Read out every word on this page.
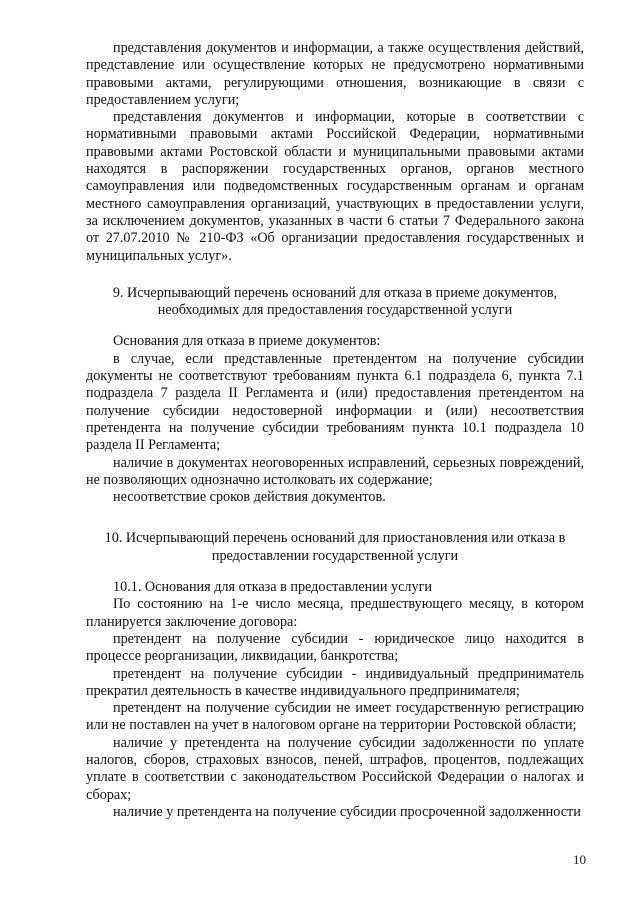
представления документов и информации, а также осуществления действий, представление или осуществление которых не предусмотрено нормативными правовыми актами, регулирующими отношения, возникающие в связи с предоставлением услуги;

представления документов и информации, которые в соответствии с нормативными правовыми актами Российской Федерации, нормативными правовыми актами Ростовской области и муниципальными правовыми актами находятся в распоряжении государственных органов, органов местного самоуправления или подведомственных государственным органам и органам местного самоуправления организаций, участвующих в предоставлении услуги, за исключением документов, указанных в части 6 статьи 7 Федерального закона от 27.07.2010 № 210-ФЗ «Об организации предоставления государственных и муниципальных услуг».

9. Исчерпывающий перечень оснований для отказа в приеме документов, необходимых для предоставления государственной услуги

Основания для отказа в приеме документов:

в случае, если представленные претендентом на получение субсидии документы не соответствуют требованиям пункта 6.1 подраздела 6, пункта 7.1 подраздела 7 раздела II Регламента и (или) предоставления претендентом на получение субсидии недостоверной информации и (или) несоответствия претендента на получение субсидии требованиям пункта 10.1 подраздела 10 раздела II Регламента;

наличие в документах неоговоренных исправлений, серьезных повреждений, не позволяющих однозначно истолковать их содержание;

несоответствие сроков действия документов.

10. Исчерпывающий перечень оснований для приостановления или отказа в предоставлении государственной услуги

10.1. Основания для отказа в предоставлении услуги

По состоянию на 1-е число месяца, предшествующего месяцу, в котором планируется заключение договора:

претендент на получение субсидии - юридическое лицо находится в процессе реорганизации, ликвидации, банкротства;

претендент на получение субсидии - индивидуальный предприниматель прекратил деятельность в качестве индивидуального предпринимателя;

претендент на получение субсидии не имеет государственную регистрацию или не поставлен на учет в налоговом органе на территории Ростовской области;

наличие у претендента на получение субсидии задолженности по уплате налогов, сборов, страховых взносов, пеней, штрафов, процентов, подлежащих уплате в соответствии с законодательством Российской Федерации о налогах и сборах;

наличие у претендента на получение субсидии просроченной задолженности

10
